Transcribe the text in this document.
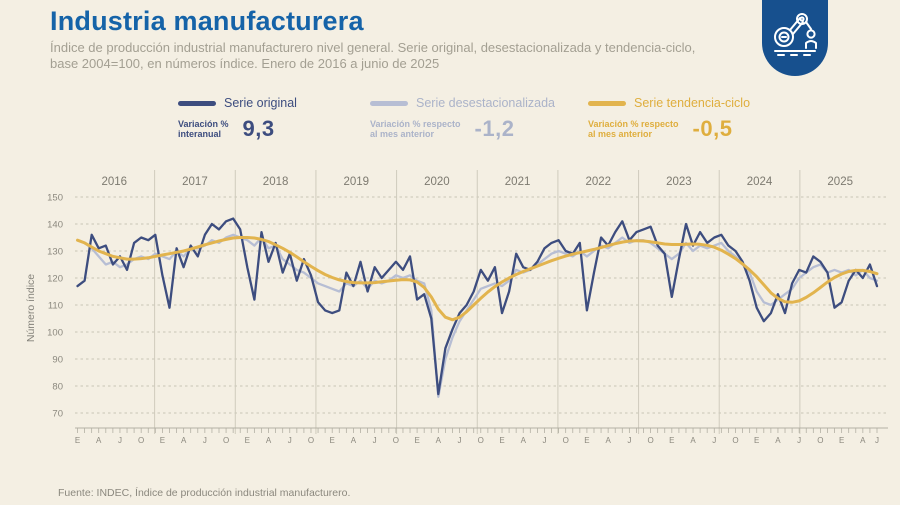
Industria manufacturera
Índice de producción industrial manufacturero nivel general. Serie original, desestacionalizada y tendencia-ciclo,
base 2004=100, en números índice. Enero de 2016 a junio de 2025
Serie original
Variación %
interanual 9,3
Serie desestacionalizada
Variación % respecto
al mes anterior	-1,2
Serie tendencia-ciclo
Variación % respecto
al mes anterior	-0,5
70
80
90
100
110
120
130
140
150
2016	2017	2018	2019	2020	2021	2022	2023	2024	2025
E A J O E A J O E A J O E A J O E A J O E A J O E A J O E A J O E A J O E A J
Número índice
Fuente: INDEC, Índice de producción industrial manufacturero.
